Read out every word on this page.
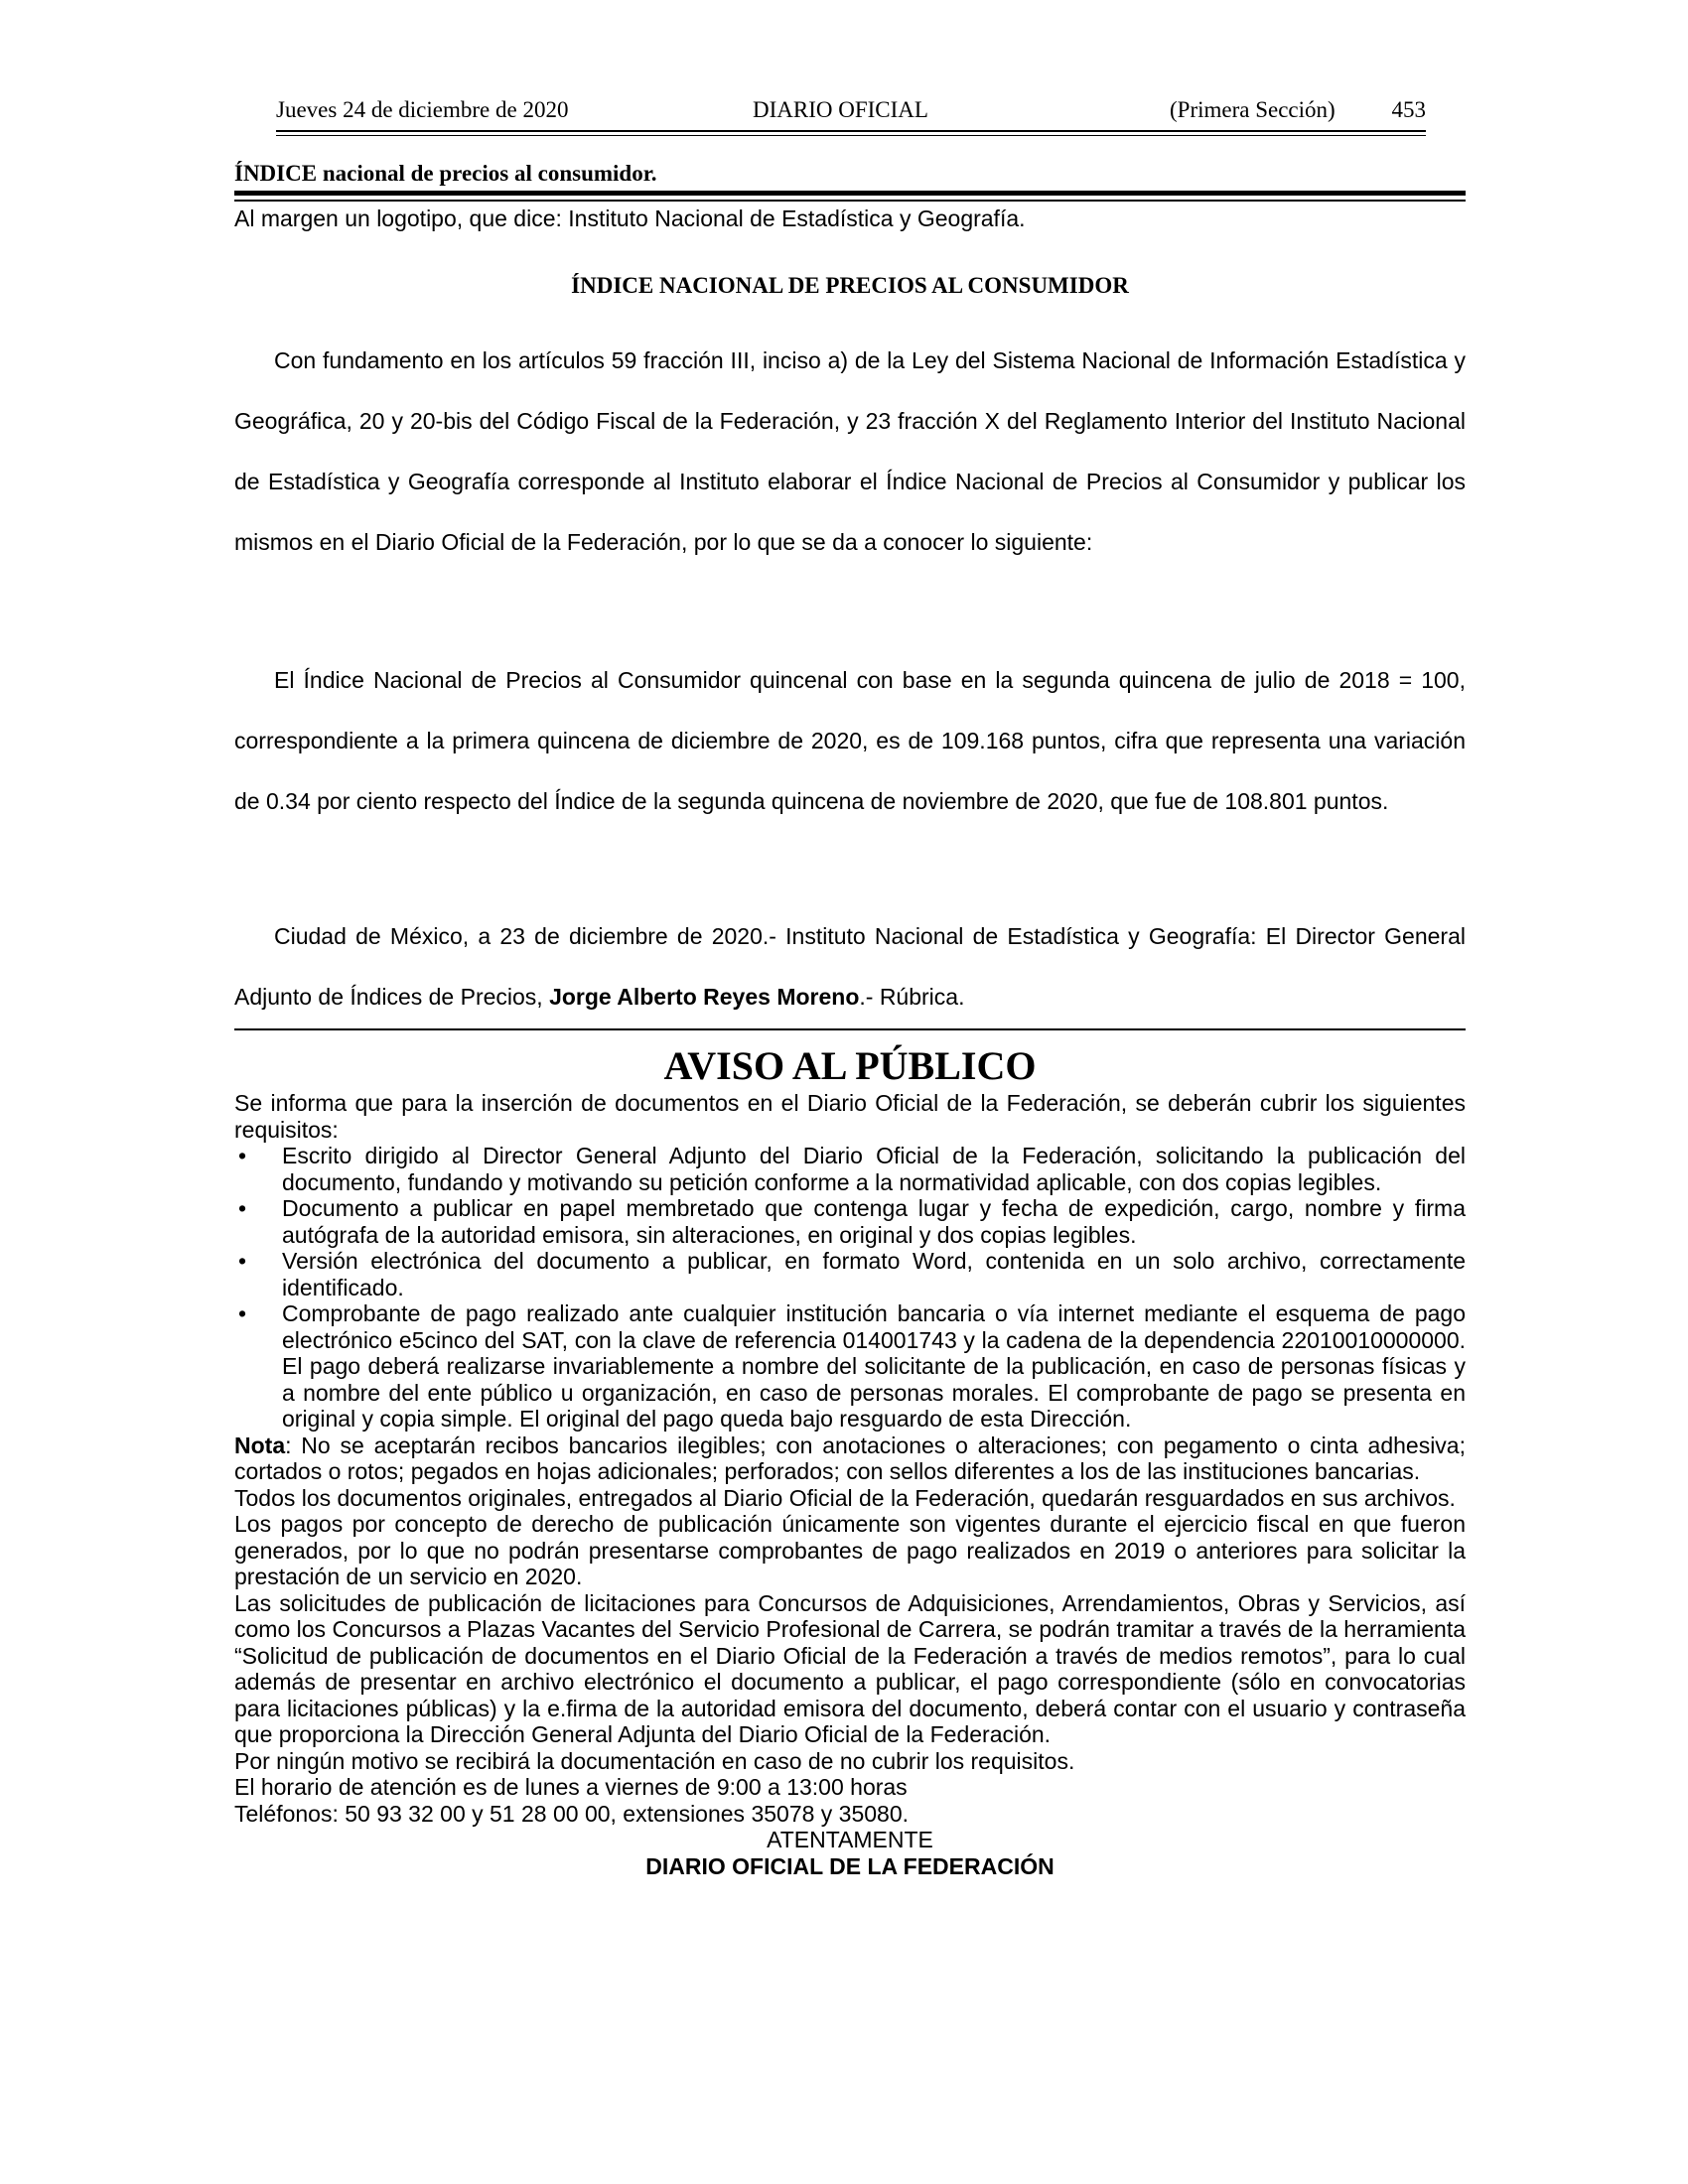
Jueves 24 de diciembre de 2020	DIARIO OFICIAL	(Primera Sección) 453
ÍNDICE nacional de precios al consumidor.
Al margen un logotipo, que dice: Instituto Nacional de Estadística y Geografía.
ÍNDICE NACIONAL DE PRECIOS AL CONSUMIDOR

Con fundamento en los artículos 59 fracción III, inciso a) de la Ley del Sistema Nacional de Información Estadística y Geográfica, 20 y 20-bis del Código Fiscal de la Federación, y 23 fracción X del Reglamento Interior del Instituto Nacional de Estadística y Geografía corresponde al Instituto elaborar el Índice Nacional de Precios al Consumidor y publicar los mismos en el Diario Oficial de la Federación, por lo que se da a conocer lo siguiente:

El Índice Nacional de Precios al Consumidor quincenal con base en la segunda quincena de julio de 2018 = 100, correspondiente a la primera quincena de diciembre de 2020, es de 109.168 puntos, cifra que representa una variación de 0.34 por ciento respecto del Índice de la segunda quincena de noviembre de 2020, que fue de 108.801 puntos.

Ciudad de México, a 23 de diciembre de 2020.- Instituto Nacional de Estadística y Geografía: El Director General Adjunto de Índices de Precios, Jorge Alberto Reyes Moreno.- Rúbrica.

AVISO AL PÚBLICO

Se informa que para la inserción de documentos en el Diario Oficial de la Federación, se deberán cubrir los siguientes requisitos:

• Escrito dirigido al Director General Adjunto del Diario Oficial de la Federación, solicitando la publicación del documento, fundando y motivando su petición conforme a la normatividad aplicable, con dos copias legibles.
• Documento a publicar en papel membretado que contenga lugar y fecha de expedición, cargo, nombre y firma autógrafa de la autoridad emisora, sin alteraciones, en original y dos copias legibles.
• Versión electrónica del documento a publicar, en formato Word, contenida en un solo archivo, correctamente identificado.
• Comprobante de pago realizado ante cualquier institución bancaria o vía internet mediante el esquema de pago electrónico e5cinco del SAT, con la clave de referencia 014001743 y la cadena de la dependencia 22010010000000. El pago deberá realizarse invariablemente a nombre del solicitante de la publicación, en caso de personas físicas y a nombre del ente público u organización, en caso de personas morales. El comprobante de pago se presenta en original y copia simple. El original del pago queda bajo resguardo de esta Dirección.

Nota: No se aceptarán recibos bancarios ilegibles; con anotaciones o alteraciones; con pegamento o cinta adhesiva; cortados o rotos; pegados en hojas adicionales; perforados; con sellos diferentes a los de las instituciones bancarias.

Todos los documentos originales, entregados al Diario Oficial de la Federación, quedarán resguardados en sus archivos.

Los pagos por concepto de derecho de publicación únicamente son vigentes durante el ejercicio fiscal en que fueron generados, por lo que no podrán presentarse comprobantes de pago realizados en 2019 o anteriores para solicitar la prestación de un servicio en 2020.

Las solicitudes de publicación de licitaciones para Concursos de Adquisiciones, Arrendamientos, Obras y Servicios, así como los Concursos a Plazas Vacantes del Servicio Profesional de Carrera, se podrán tramitar a través de la herramienta “Solicitud de publicación de documentos en el Diario Oficial de la Federación a través de medios remotos”, para lo cual además de presentar en archivo electrónico el documento a publicar, el pago correspondiente (sólo en convocatorias para licitaciones públicas) y la e.firma de la autoridad emisora del documento, deberá contar con el usuario y contraseña que proporciona la Dirección General Adjunta del Diario Oficial de la Federación.

Por ningún motivo se recibirá la documentación en caso de no cubrir los requisitos.

El horario de atención es de lunes a viernes de 9:00 a 13:00 horas

Teléfonos: 50 93 32 00 y 51 28 00 00, extensiones 35078 y 35080.

ATENTAMENTE

DIARIO OFICIAL DE LA FEDERACIÓN
